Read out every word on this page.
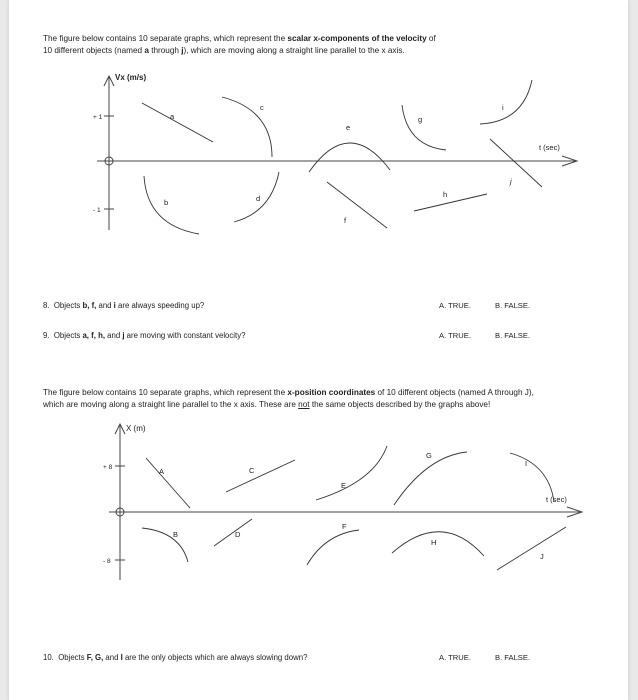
The figure below contains 10 separate graphs, which represent the scalar x-components of the velocity of
10 different objects (named a through j), which are moving along a straight line parallel to the x axis.
Vx (m/s)
t (sec)
+ 1
- 1
a
b
c
d
e
f
g
h
i
j
8. Objects b, f, and i are always speeding up?	A. TRUE.	B. FALSE.
9. Objects a, f, h, and j are moving with constant velocity?	A. TRUE.	B. FALSE.
The figure below contains 10 separate graphs, which represent the x-position coordinates of 10 different objects (named A through J),
which are moving along a straight line parallel to the x axis. These are not the same objects described by the graphs above!
X (m)
t (sec)
+ 8
- 8
A
B
C
D
E
F
G
H
I
J
10. Objects F, G, and I are the only objects which are always slowing down?	A. TRUE.	B. FALSE.
